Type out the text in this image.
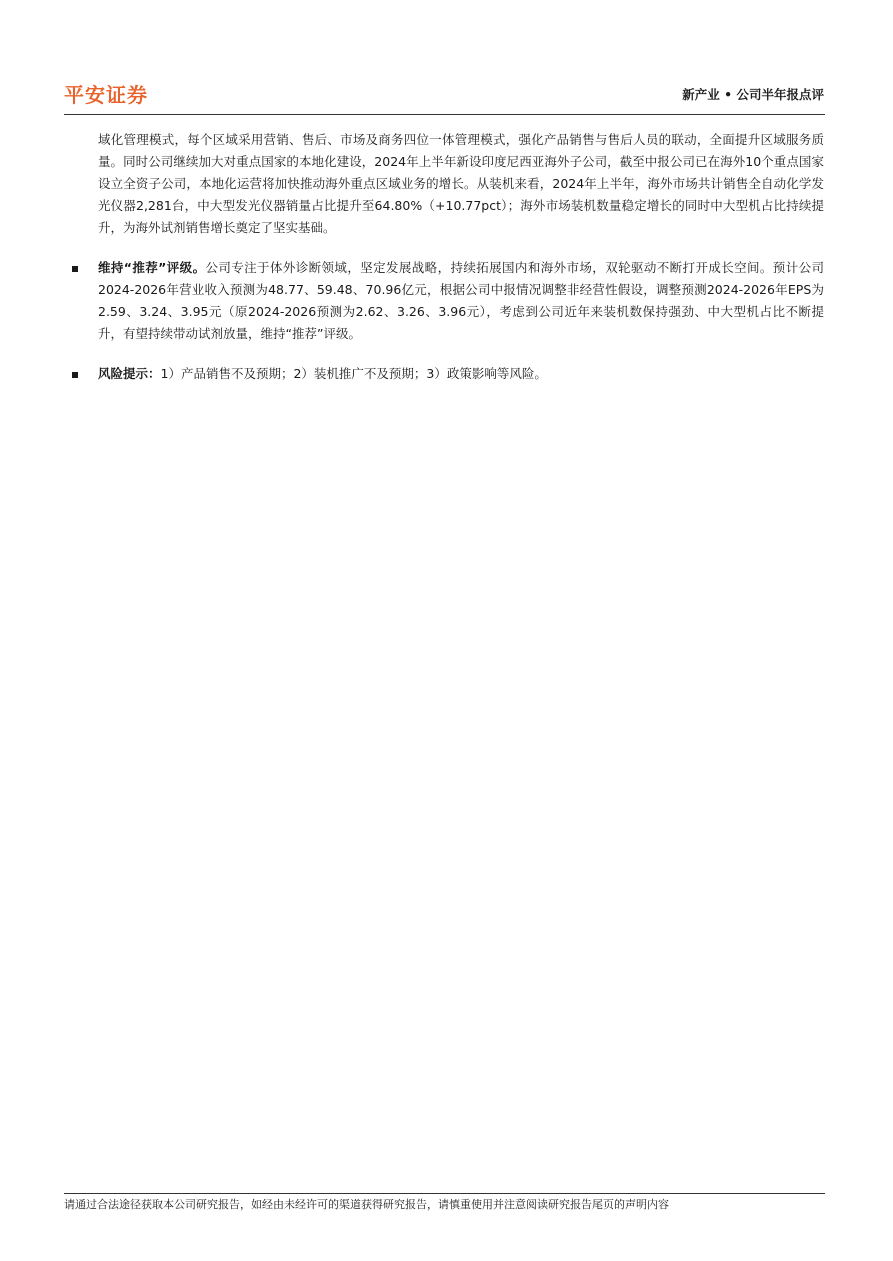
平安证券	新产业 • 公司半年报点评

域化管理模式，每个区域采用营销、售后、市场及商务四位一体管理模式，强化产品销售与售后人员的联动，全面提升区域服务质量。同时公司继续加大对重点国家的本地化建设，2024年上半年新设印度尼西亚海外子公司，截至中报公司已在海外10个重点国家设立全资子公司，本地化运营将加快推动海外重点区域业务的增长。从装机来看，2024年上半年，海外市场共计销售全自动化学发光仪器2,281台，中大型发光仪器销量占比提升至64.80%（+10.77pct）；海外市场装机数量稳定增长的同时中大型机占比持续提升，为海外试剂销售增长奠定了坚实基础。

维持“推荐”评级。公司专注于体外诊断领域，坚定发展战略，持续拓展国内和海外市场，双轮驱动不断打开成长空间。预计公司2024-2026年营业收入预测为48.77、59.48、70.96亿元，根据公司中报情况调整非经营性假设，调整预测2024-2026年EPS为2.59、3.24、3.95元（原2024-2026预测为2.62、3.26、3.96元），考虑到公司近年来装机数保持强劲、中大型机占比不断提升，有望持续带动试剂放量，维持“推荐”评级。

风险提示：1）产品销售不及预期；2）装机推广不及预期；3）政策影响等风险。

请通过合法途径获取本公司研究报告，如经由未经许可的渠道获得研究报告，请慎重使用并注意阅读研究报告尾页的声明内容
